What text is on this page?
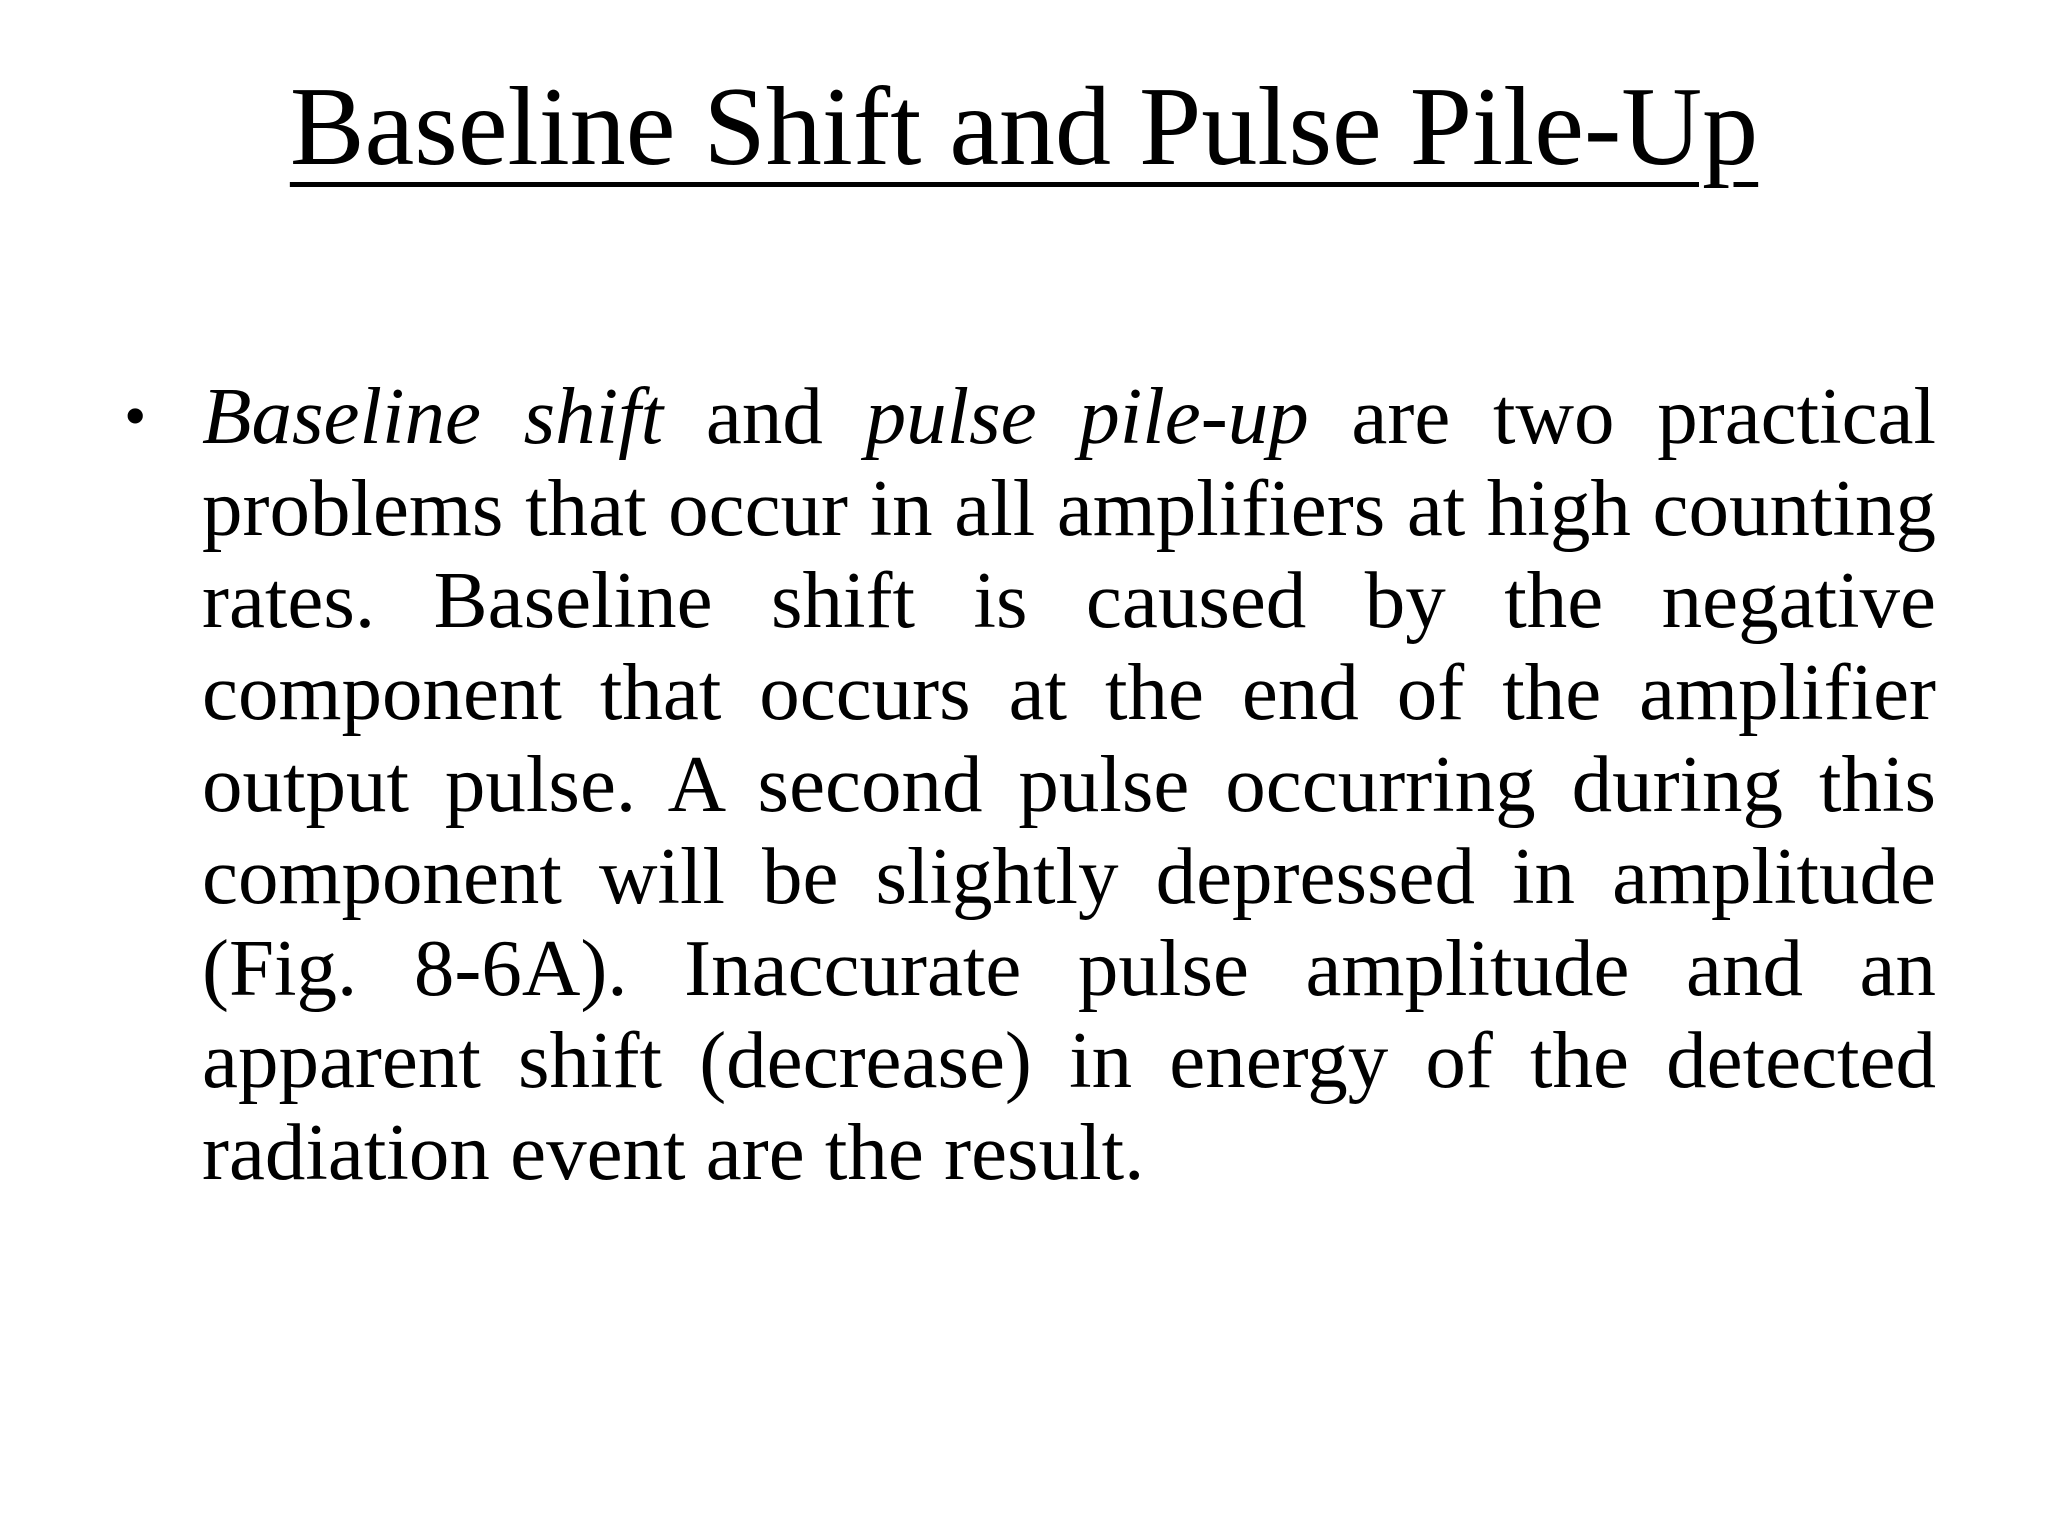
Baseline Shift and Pulse Pile-Up
• Baseline shift and pulse pile-up are two practical problems that occur in all amplifiers at high counting rates. Baseline shift is caused by the negative component that occurs at the end of the amplifier output pulse. A second pulse occurring during this component will be slightly depressed in amplitude (Fig. 8-6A). Inaccurate pulse amplitude and an apparent shift (decrease) in energy of the detected radiation event are the result.
